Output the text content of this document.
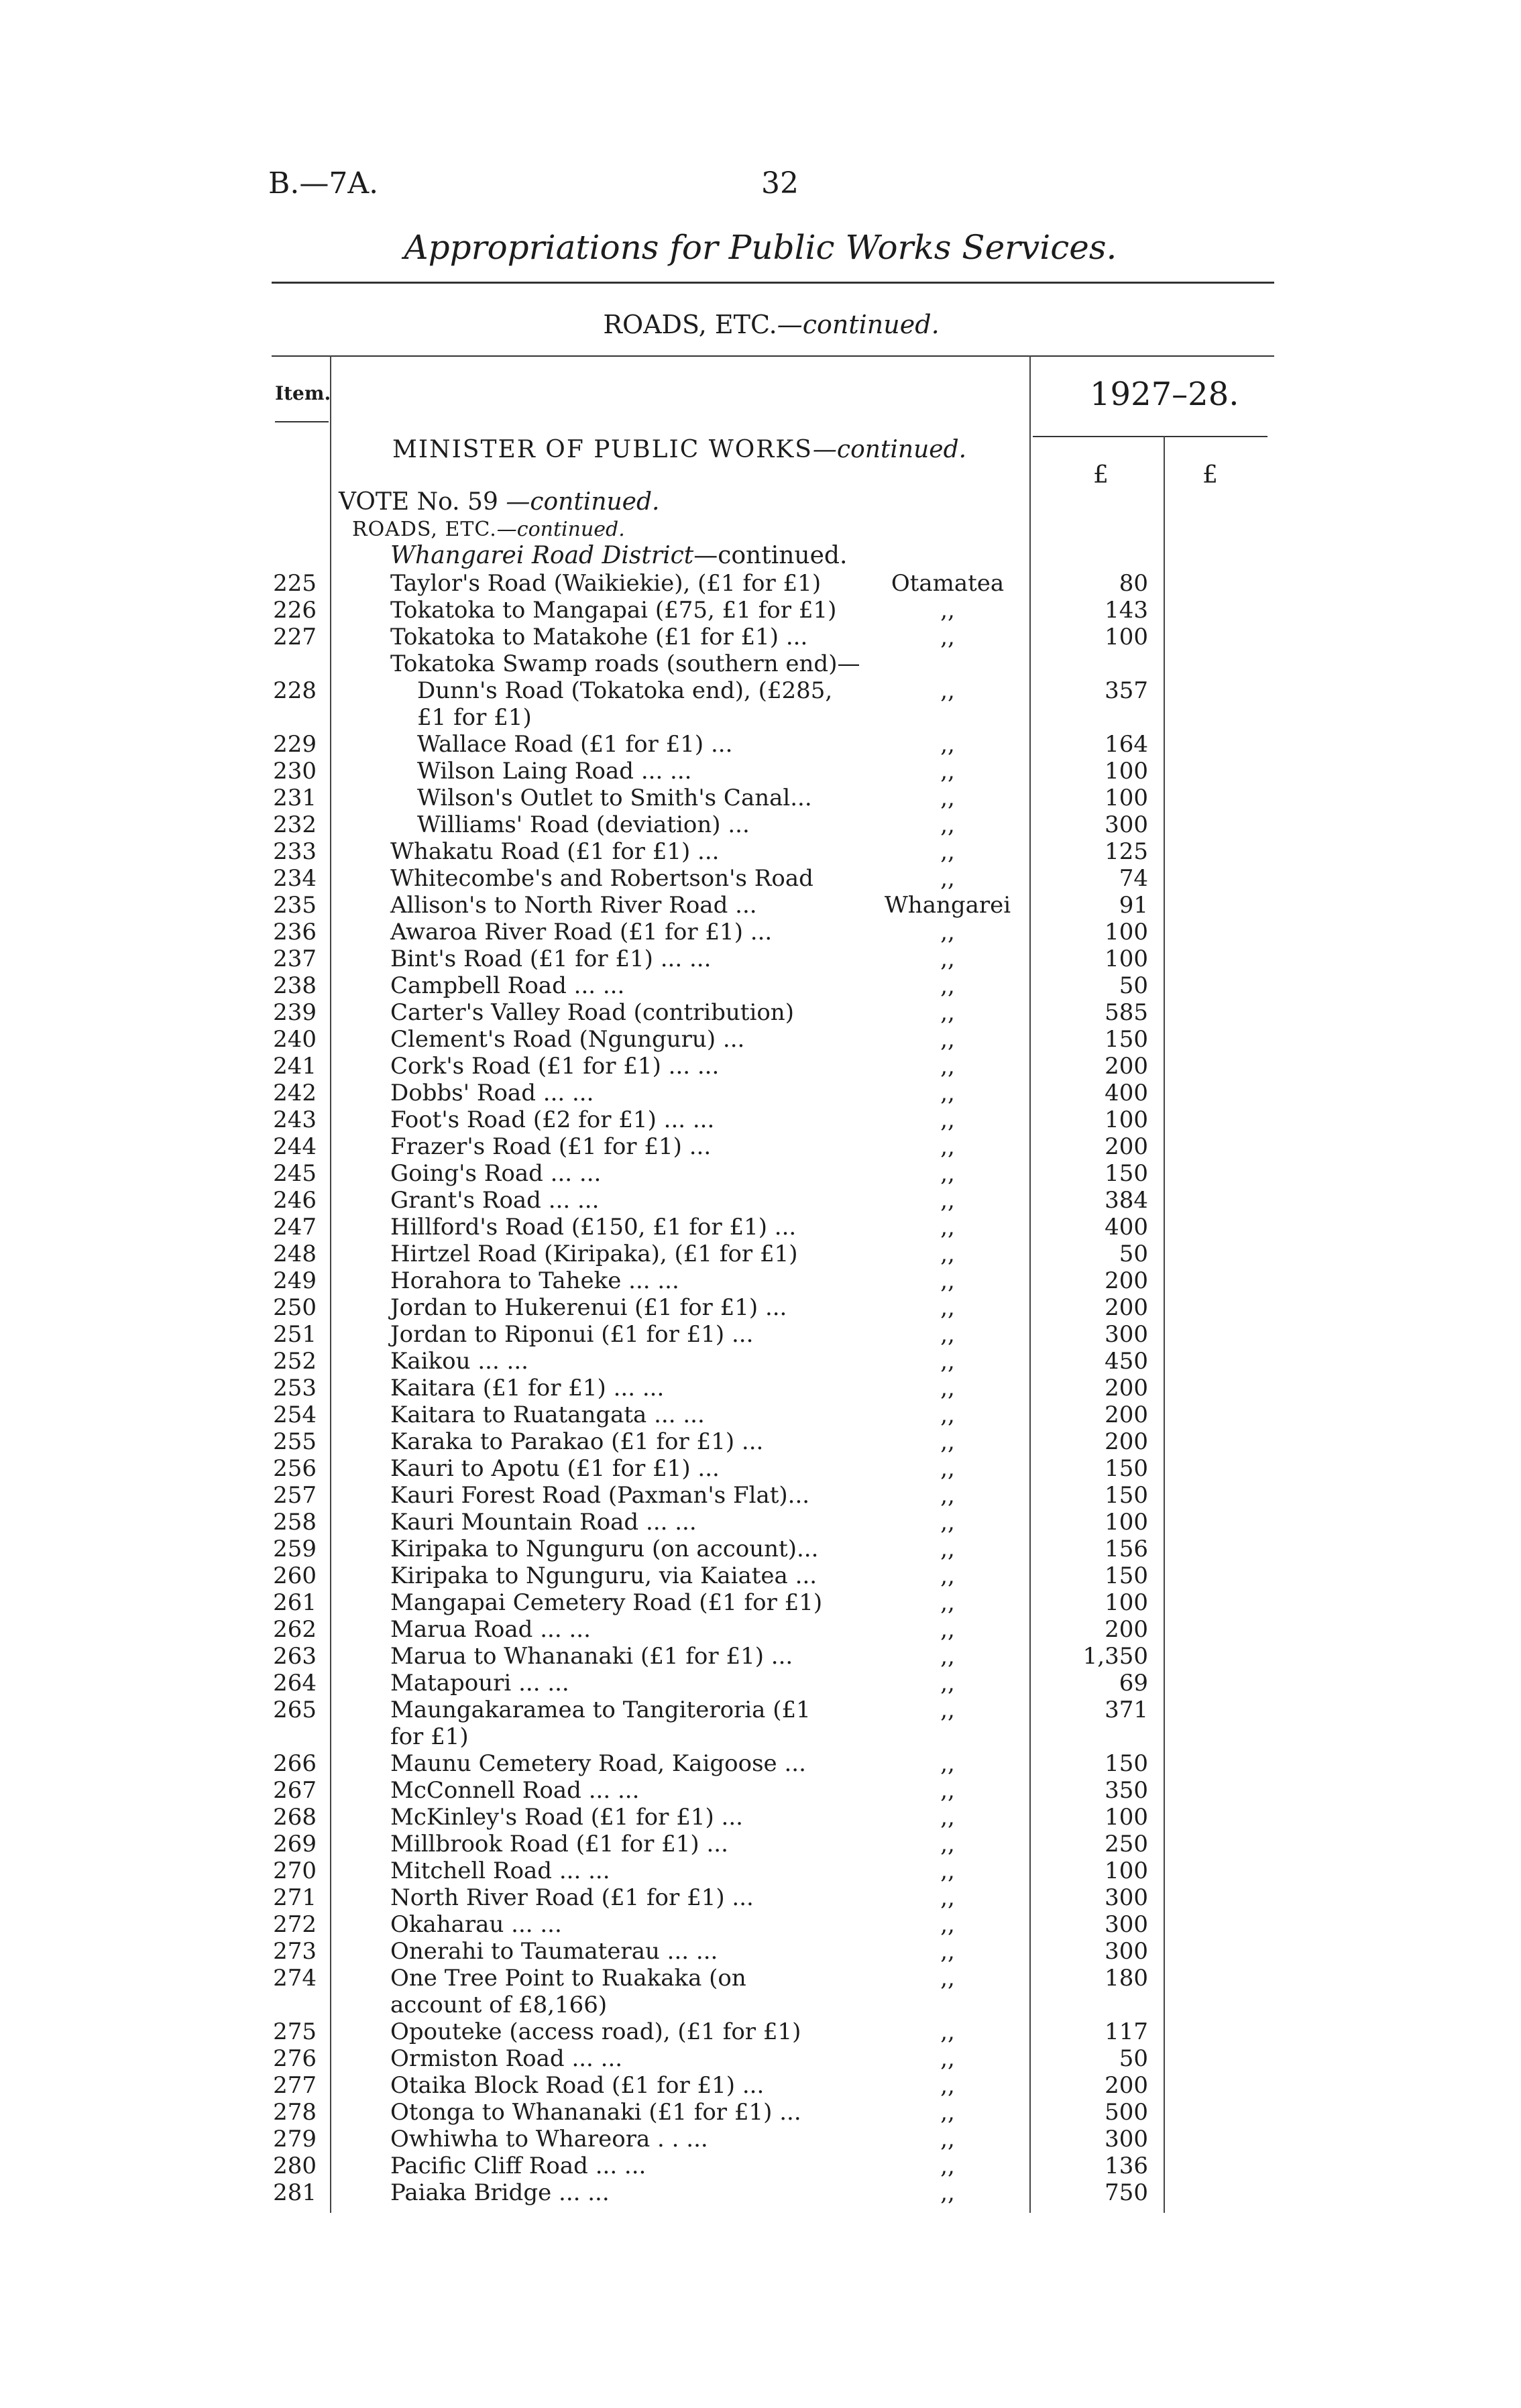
B.—7A.	32
Appropriations for Public Works Services.
ROADS, ETC.—continued.
Item.	1927–28.
£	£
MINISTER OF PUBLIC WORKS—continued.
VOTE No. 59 —continued.
ROADS, ETC.—continued.
Whangarei Road District—continued.
225	Taylor's Road (Waikiekie), (£1 for £1)	Otamatea	80
226	Tokatoka to Mangapai (£75, £1 for £1)	,,	143
227	Tokatoka to Matakohe (£1 for £1) ...	,,	100
Tokatoka Swamp roads (southern end)—
228	Dunn's Road (Tokatoka end), (£285,
£1 for £1)
,,	357
229	Wallace Road (£1 for £1) ...	,,	164
230	Wilson Laing Road ... ...	,,	100
231	Wilson's Outlet to Smith's Canal...	,,	100
232	Williams' Road (deviation) ...	,,	300
233	Whakatu Road (£1 for £1) ...	,,	125
234	Whitecombe's and Robertson's Road	,,	74
235	Allison's to North River Road ...	Whangarei	91
236	Awaroa River Road (£1 for £1) ...	,,	100
237	Bint's Road (£1 for £1) ... ...	,,	100
238	Campbell Road ... ...	,,	50
239	Carter's Valley Road (contribution)	,,	585
240	Clement's Road (Ngunguru) ...	,,	150
241	Cork's Road (£1 for £1) ... ...	,,	200
242	Dobbs' Road ... ...	,,	400
243	Foot's Road (£2 for £1) ... ...	,,	100
244	Frazer's Road (£1 for £1) ...	,,	200
245	Going's Road ... ...	,,	150
246	Grant's Road ... ...	,,	384
247	Hillford's Road (£150, £1 for £1) ...	,,	400
248	Hirtzel Road (Kiripaka), (£1 for £1)	,,	50
249	Horahora to Taheke ... ...	,,	200
250	Jordan to Hukerenui (£1 for £1) ...	,,	200
251	Jordan to Riponui (£1 for £1) ...	,,	300
252	Kaikou ... ...	,,	450
253	Kaitara (£1 for £1) ... ...	,,	200
254	Kaitara to Ruatangata ... ...	,,	200
255	Karaka to Parakao (£1 for £1) ...	,,	200
256	Kauri to Apotu (£1 for £1) ...	,,	150
257	Kauri Forest Road (Paxman's Flat)...	,,	150
258	Kauri Mountain Road ... ...	,,	100
259	Kiripaka to Ngunguru (on account)...	,,	156
260	Kiripaka to Ngunguru, via Kaiatea ...	,,	150
261	Mangapai Cemetery Road (£1 for £1)	,,	100
262	Marua Road ... ...	,,	200
263	Marua to Whananaki (£1 for £1) ...	,,	1,350
264	Matapouri ... ...	,,	69
265	Maungakaramea to Tangiteroria (£1
for £1)
,,	371
266	Maunu Cemetery Road, Kaigoose ...	,,	150
267	McConnell Road ... ...	,,	350
268	McKinley's Road (£1 for £1) ...	,,	100
269	Millbrook Road (£1 for £1) ...	,,	250
270	Mitchell Road ... ...	,,	100
271	North River Road (£1 for £1) ...	,,	300
272	Okaharau ... ...	,,	300
273	Onerahi to Taumaterau ... ...	,,	300
274	One Tree Point to Ruakaka (on
account of £8,166)
,,	180
275	Opouteke (access road), (£1 for £1)	,,	117
276	Ormiston Road ... ...	,,	50
277	Otaika Block Road (£1 for £1) ...	,,	200
278	Otonga to Whananaki (£1 for £1) ...	,,	500
279	Owhiwha to Whareora . . ...	,,	300
280	Pacific Cliff Road ... ...	,,	136
281	Paiaka Bridge ... ...	,,	750
